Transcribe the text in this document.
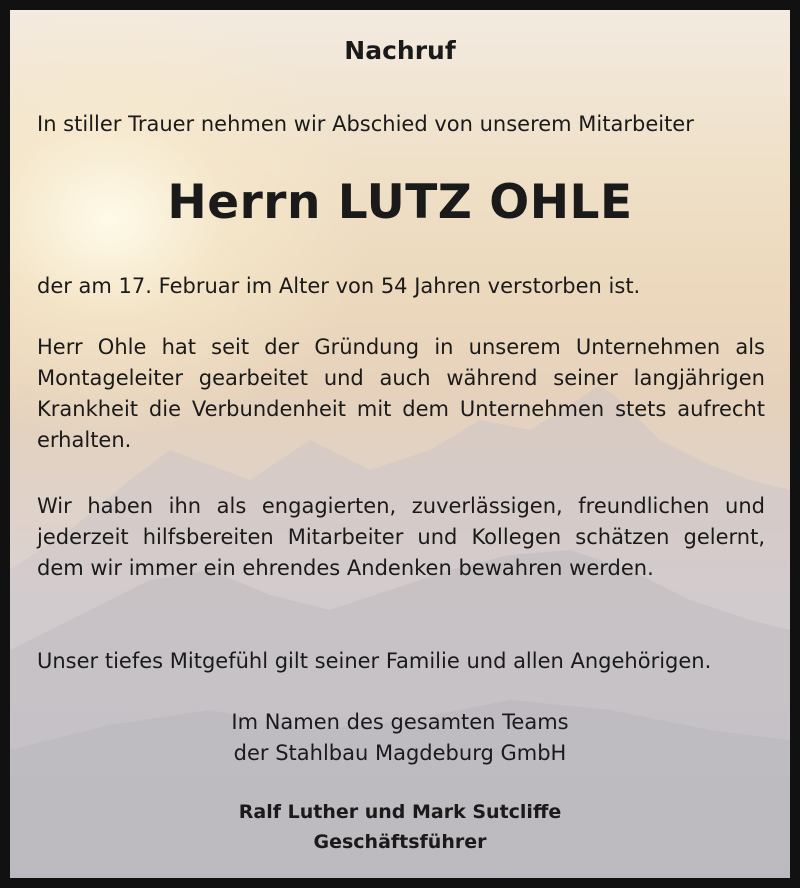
Nachruf
In stiller Trauer nehmen wir Abschied von unserem Mitarbeiter
Herrn LUTZ OHLE
der am 17. Februar im Alter von 54 Jahren verstorben ist.
Herr Ohle hat seit der Gründung in unserem Unternehmen als Montageleiter gearbeitet und auch während seiner langjährigen Krankheit die Verbundenheit mit dem Unternehmen stets aufrecht erhalten.
Wir haben ihn als engagierten, zuverlässigen, freundlichen und jederzeit hilfsbereiten Mitarbeiter und Kollegen schätzen gelernt, dem wir immer ein ehrendes Andenken bewahren werden.
Unser tiefes Mitgefühl gilt seiner Familie und allen Angehörigen.
Im Namen des gesamten Teams
der Stahlbau Magdeburg GmbH
Ralf Luther und Mark Sutcliffe
Geschäftsführer
